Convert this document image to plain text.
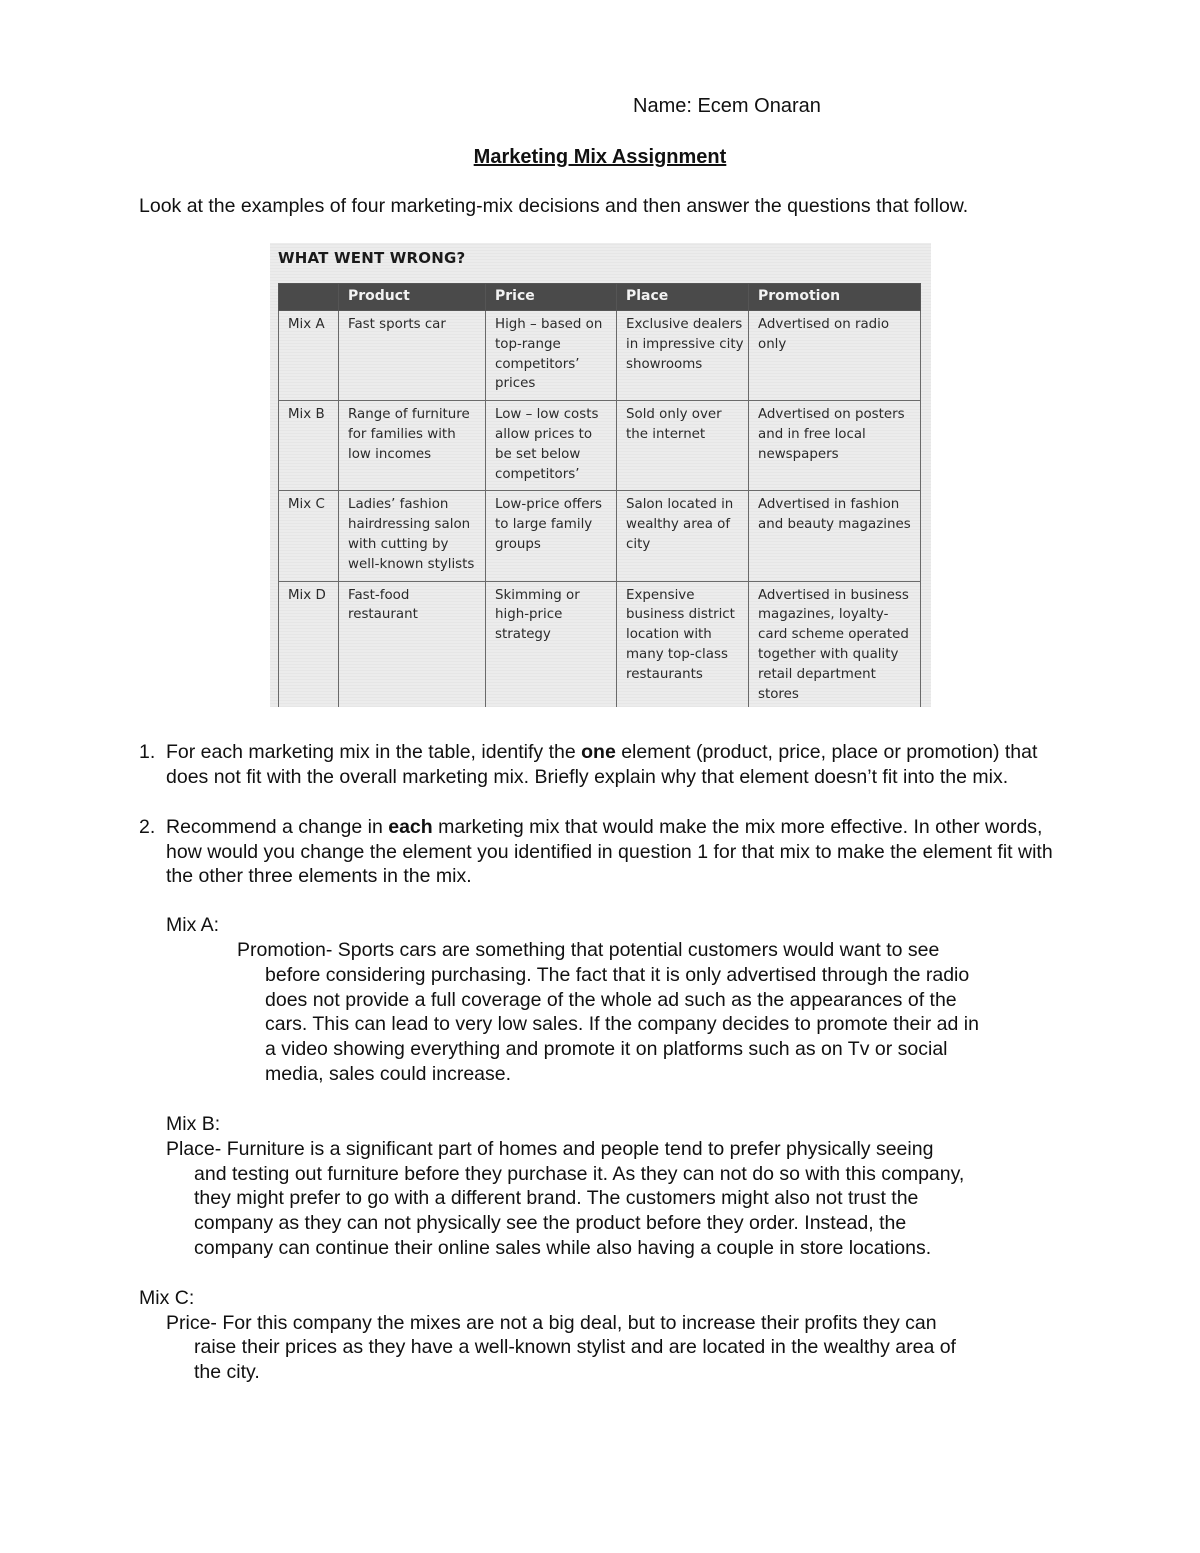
Name: Ecem Onaran
Marketing Mix Assignment
Look at the examples of four marketing-mix decisions and then answer the questions that follow.
WHAT WENT WRONG?
	Product	Price	Place	Promotion
Mix A	Fast sports car	High – based on top-range competitors’ prices	Exclusive dealers in impressive city showrooms	Advertised on radio only
Mix B	Range of furniture for families with low incomes	Low – low costs allow prices to be set below competitors’	Sold only over the internet	Advertised on posters and in free local newspapers
Mix C	Ladies’ fashion hairdressing salon with cutting by well-known stylists	Low-price offers to large family groups	Salon located in wealthy area of city	Advertised in fashion and beauty magazines
Mix D	Fast-food restaurant	Skimming or high-price strategy	Expensive business district location with many top-class restaurants	Advertised in business magazines, loyalty-card scheme operated together with quality retail department stores
1. For each marketing mix in the table, identify the one element (product, price, place or promotion) that does not fit with the overall marketing mix. Briefly explain why that element doesn’t fit into the mix.
2. Recommend a change in each marketing mix that would make the mix more effective. In other words, how would you change the element you identified in question 1 for that mix to make the element fit with the other three elements in the mix.
Mix A:
Promotion- Sports cars are something that potential customers would want to see
before considering purchasing. The fact that it is only advertised through the radio
does not provide a full coverage of the whole ad such as the appearances of the
cars. This can lead to very low sales. If the company decides to promote their ad in
a video showing everything and promote it on platforms such as on Tv or social
media, sales could increase.
Mix B:
Place- Furniture is a significant part of homes and people tend to prefer physically seeing
and testing out furniture before they purchase it. As they can not do so with this company,
they might prefer to go with a different brand. The customers might also not trust the
company as they can not physically see the product before they order. Instead, the
company can continue their online sales while also having a couple in store locations.
Mix C:
Price- For this company the mixes are not a big deal, but to increase their profits they can
raise their prices as they have a well-known stylist and are located in the wealthy area of
the city.
